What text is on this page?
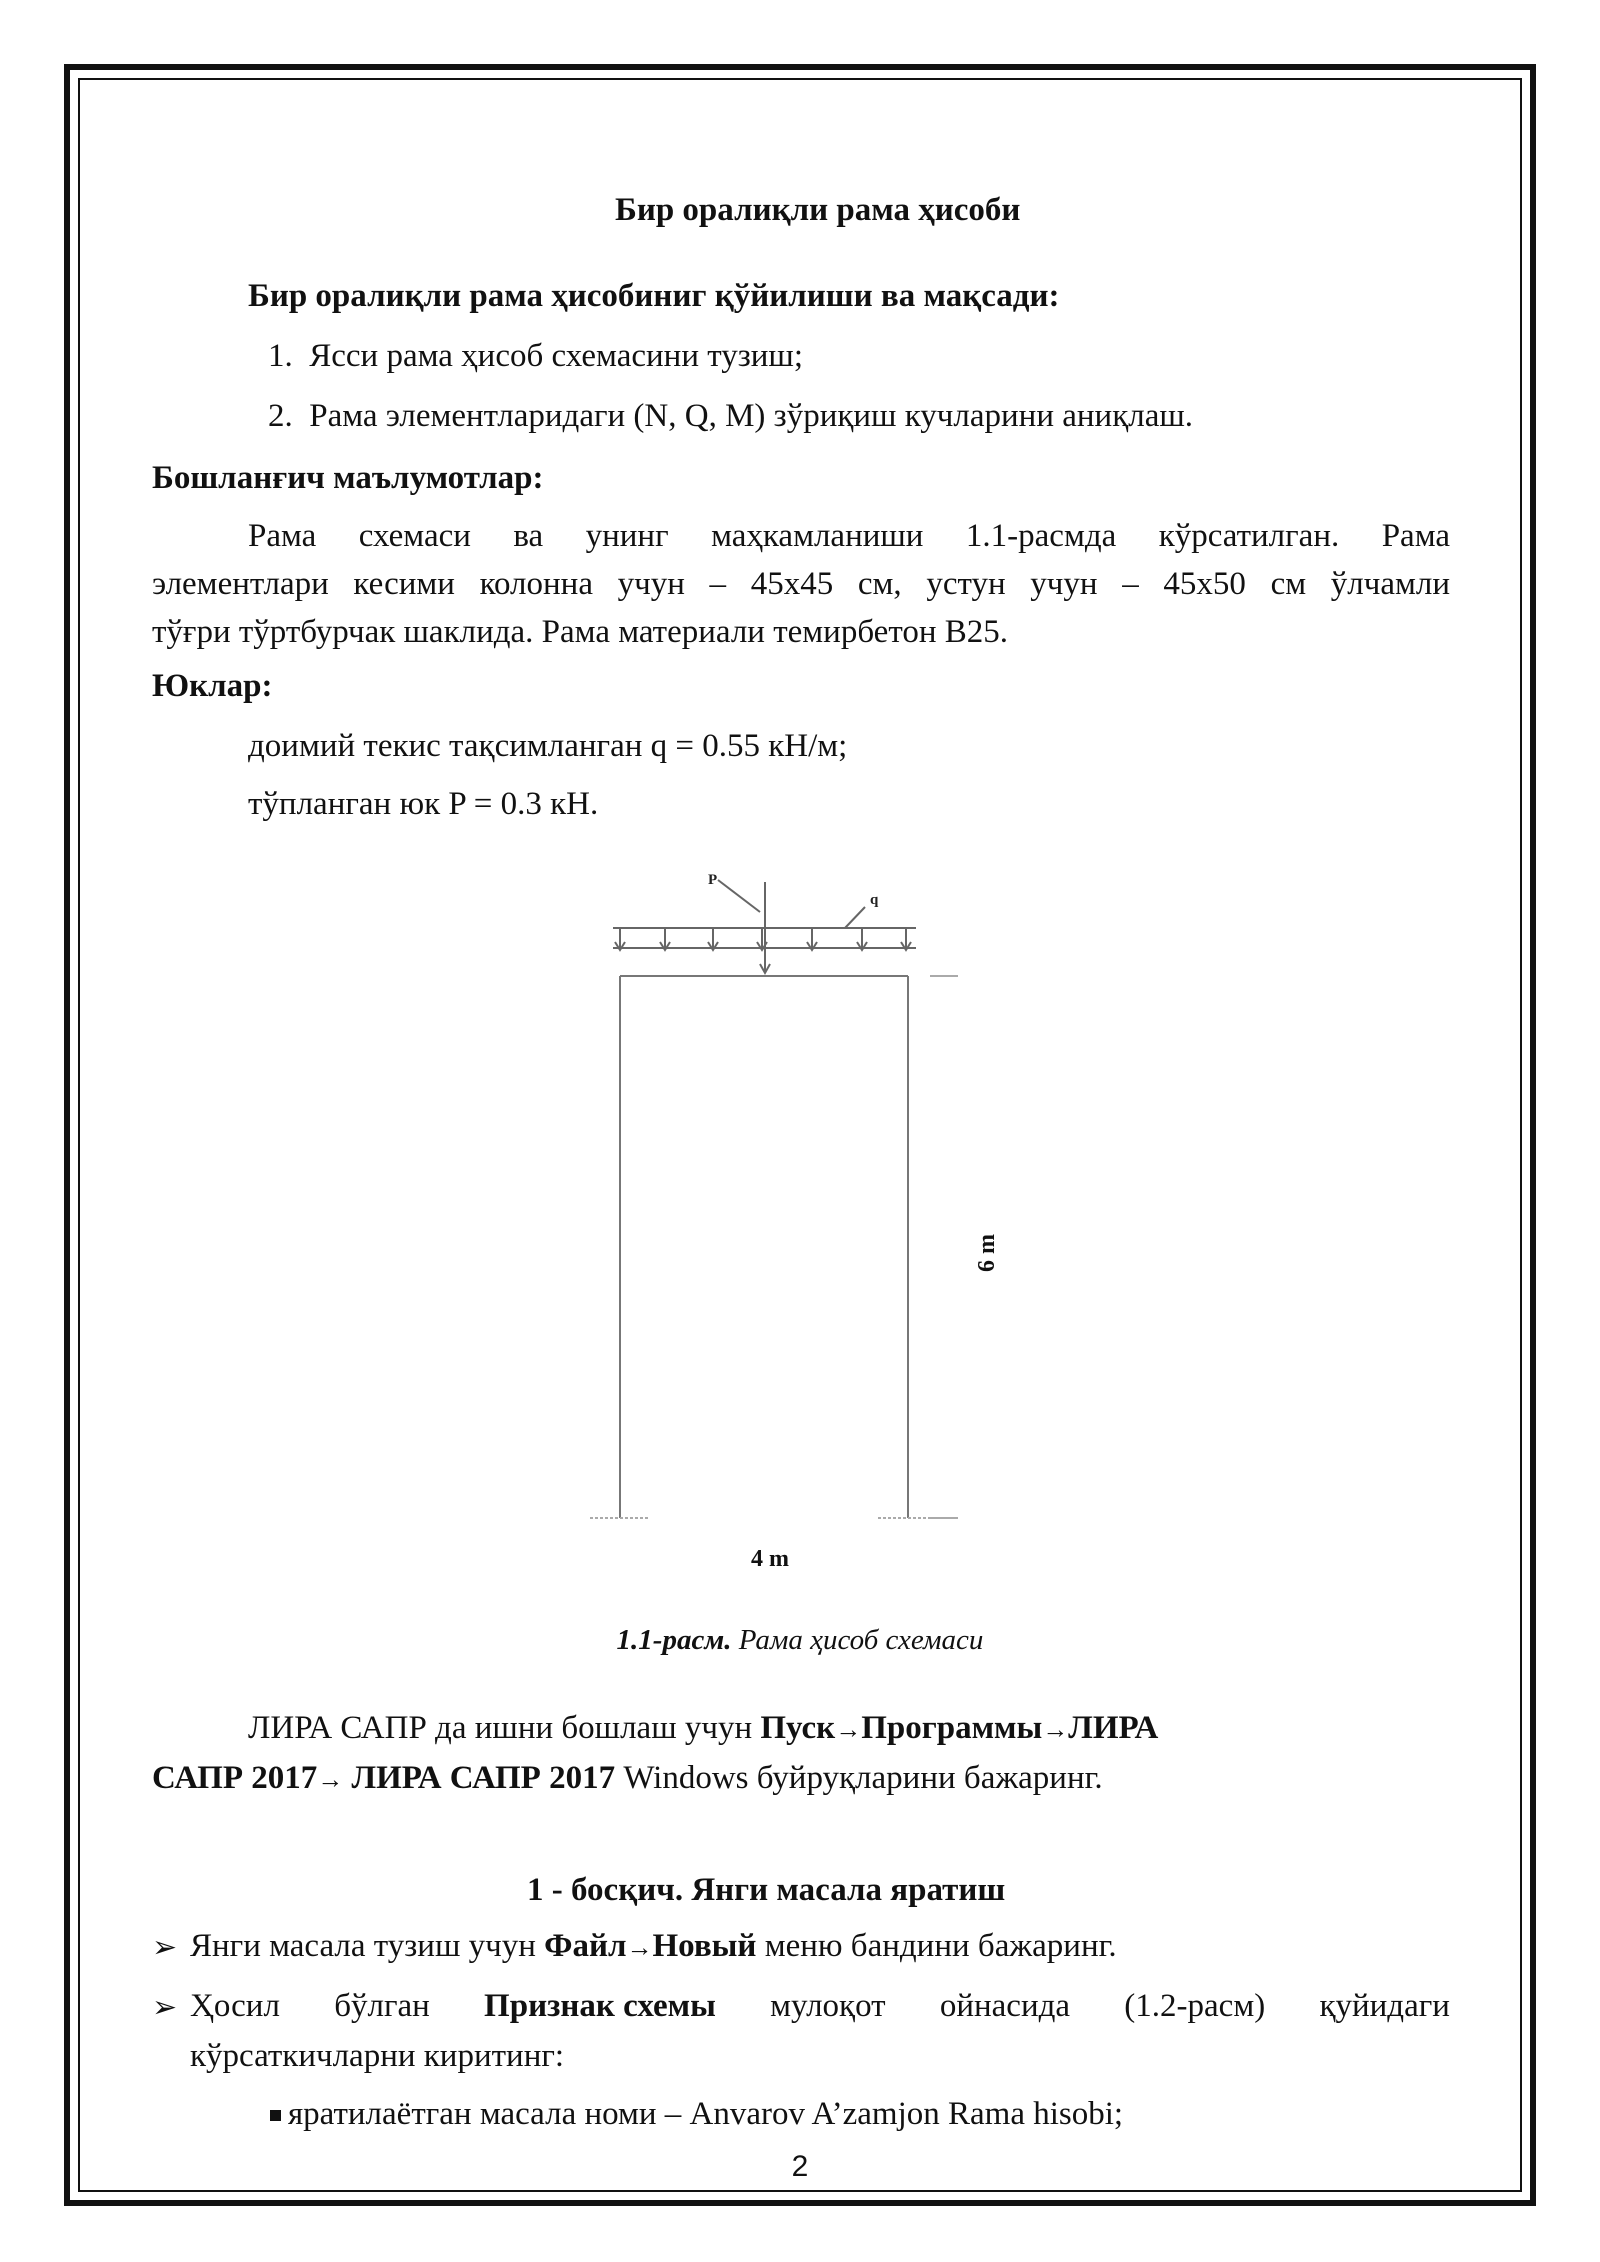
Бир оралиқли рама ҳисоби
Бир оралиқли рама ҳисобиниг қўйилиши ва мақсади:
1. Ясси рама ҳисоб схемасини тузиш;
2. Рама элементларидаги (N, Q, M) зўриқиш кучларини аниқлаш.
Бошланғич маълумотлар:
Рама схемаси ва унинг маҳкамланиши 1.1-расмда кўрсатилган. Рама
элементлари кесими колонна учун – 45х45 см, устун учун – 45х50 см ўлчамли
тўғри тўртбурчак шаклида. Рама материали темирбетон В25.
Юклар:
доимий текис тақсимланган q = 0.55 кН/м;
тўпланган юк P = 0.3 кН.
P
q
6 m
4 m
1.1-расм. Рама ҳисоб схемаси
ЛИРА САПР да ишни бошлаш учун Пуск→Программы→ЛИРА
САПР 2017→ ЛИРА САПР 2017 Windows буйруқларини бажаринг.
1 - босқич. Янги масала яратиш
➢ Янги масала тузиш учун Файл→Новый меню бандини бажаринг.
➢ Ҳосил бўлган Признак схемы мулоқот ойнасида (1.2-расм) қуйидаги
кўрсаткичларни киритинг:
яратилаётган масала номи – Anvarov A’zamjon Rama hisobi;
2
